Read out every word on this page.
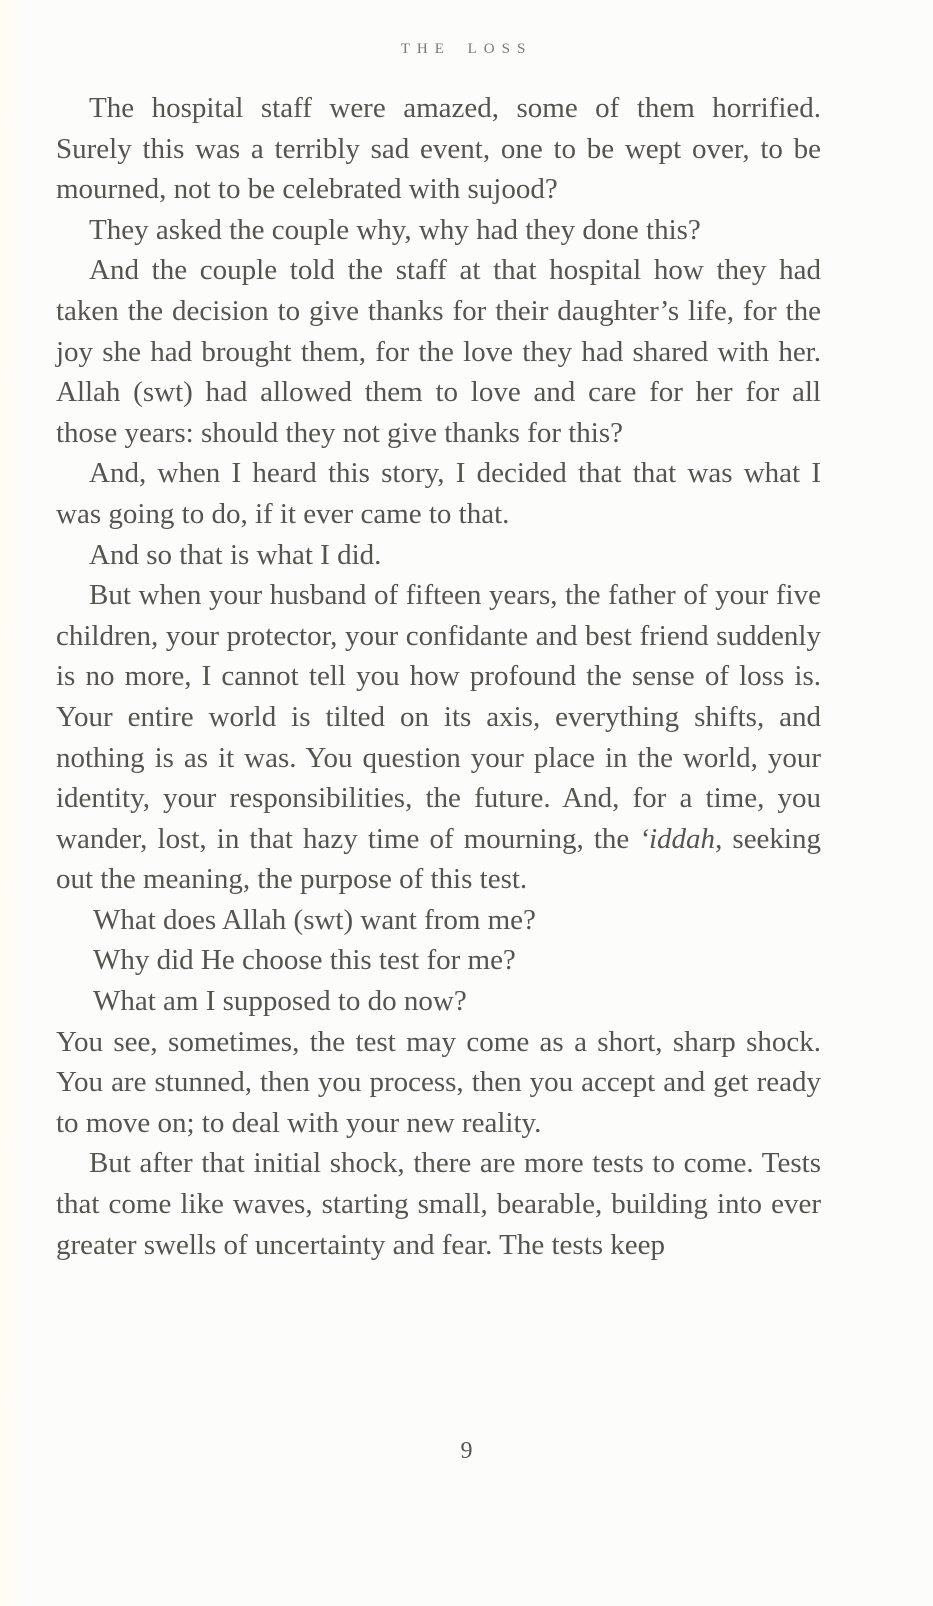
THE LOSS

The hospital staff were amazed, some of them horrified. Surely this was a terribly sad event, one to be wept over, to be mourned, not to be celebrated with sujood?

They asked the couple why, why had they done this?

And the couple told the staff at that hospital how they had taken the decision to give thanks for their daughter’s life, for the joy she had brought them, for the love they had shared with her. Allah (swt) had allowed them to love and care for her for all those years: should they not give thanks for this?

And, when I heard this story, I decided that that was what I was going to do, if it ever came to that.

And so that is what I did.

But when your husband of fifteen years, the father of your five children, your protector, your confidante and best friend suddenly is no more, I cannot tell you how profound the sense of loss is. Your entire world is tilted on its axis, everything shifts, and nothing is as it was. You question your place in the world, your identity, your responsibilities, the future. And, for a time, you wander, lost, in that hazy time of mourning, the ‘iddah, seeking out the meaning, the purpose of this test.

What does Allah (swt) want from me?

Why did He choose this test for me?

What am I supposed to do now?

You see, sometimes, the test may come as a short, sharp shock. You are stunned, then you process, then you accept and get ready to move on; to deal with your new reality.

But after that initial shock, there are more tests to come. Tests that come like waves, starting small, bearable, building into ever greater swells of uncertainty and fear. The tests keep

9
